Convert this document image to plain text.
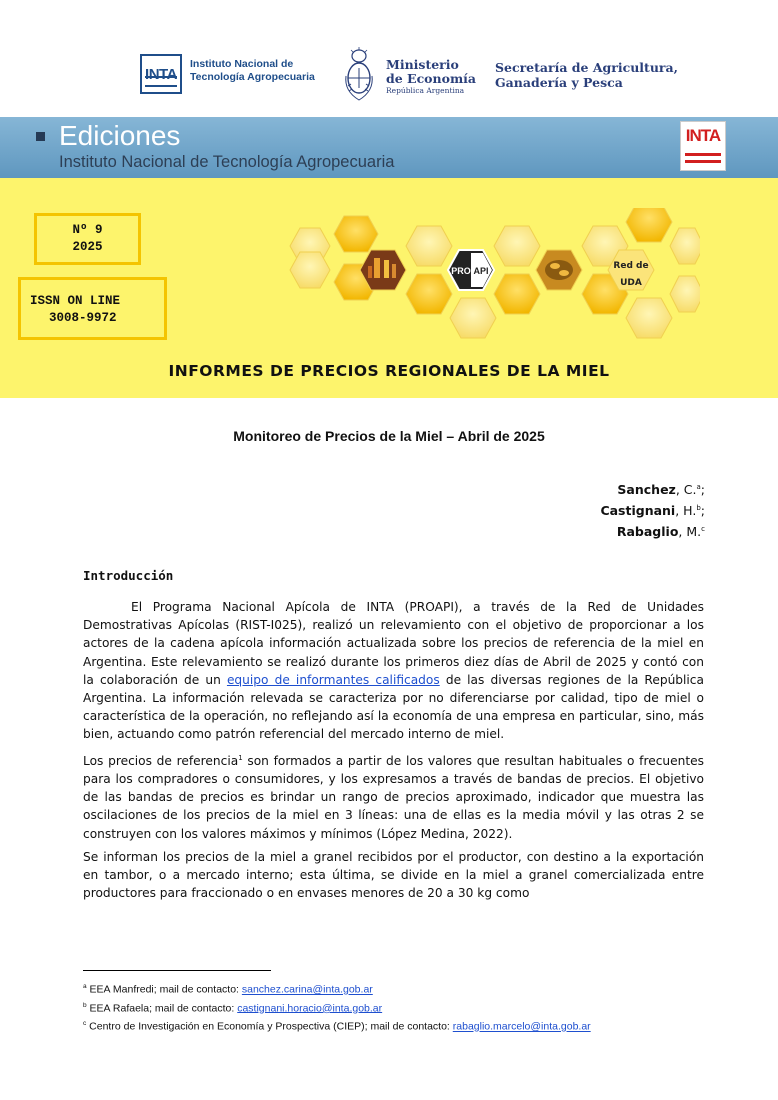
INTA
Instituto Nacional de
Tecnología Agropecuaria
Ministerio
de Economía
República Argentina
Secretaría de Agricultura,
Ganadería y Pesca
Ediciones
Instituto Nacional de Tecnología Agropecuaria
INTA
Nº 9
2025
ISSN ON LINE
3008-9972
PRO API	Red de
UDA
INFORMES DE PRECIOS REGIONALES DE LA MIEL
Monitoreo de Precios de la Miel – Abril de 2025
Sanchez, C.$^a$;
Castignani, H.$^b$;
Rabaglio, M.$^c$
Introducción

El Programa Nacional Apícola de INTA (PROAPI), a través de la Red de Unidades Demostrativas Apícolas (RIST-I025), realizó un relevamiento con el objetivo de proporcionar a los actores de la cadena apícola información actualizada sobre los precios de referencia de la miel en Argentina. Este relevamiento se realizó durante los primeros diez días de Abril de 2025 y contó con la colaboración de un equipo de informantes calificados de las diversas regiones de la República Argentina. La información relevada se caracteriza por no diferenciarse por calidad, tipo de miel o característica de la operación, no reflejando así la economía de una empresa en particular, sino, más bien, actuando como patrón referencial del mercado interno de miel.

Los precios de referencia$^1$ son formados a partir de los valores que resultan habituales o frecuentes para los compradores o consumidores, y los expresamos a través de bandas de precios. El objetivo de las bandas de precios es brindar un rango de precios aproximado, indicador que muestra las oscilaciones de los precios de la miel en 3 líneas: una de ellas es la media móvil y las otras 2 se construyen con los valores máximos y mínimos (López Medina, 2022).

Se informan los precios de la miel a granel recibidos por el productor, con destino a la exportación en tambor, o a mercado interno; esta última, se divide en la miel a granel comercializada entre productores para fraccionado o en envases menores de 20 a 30 kg como

$^a$ EEA Manfredi; mail de contacto: sanchez.carina@inta.gob.ar
$^b$ EEA Rafaela; mail de contacto: castignani.horacio@inta.gob.ar
$^c$ Centro de Investigación en Economía y Prospectiva (CIEP); mail de contacto: rabaglio.marcelo@inta.gob.ar
